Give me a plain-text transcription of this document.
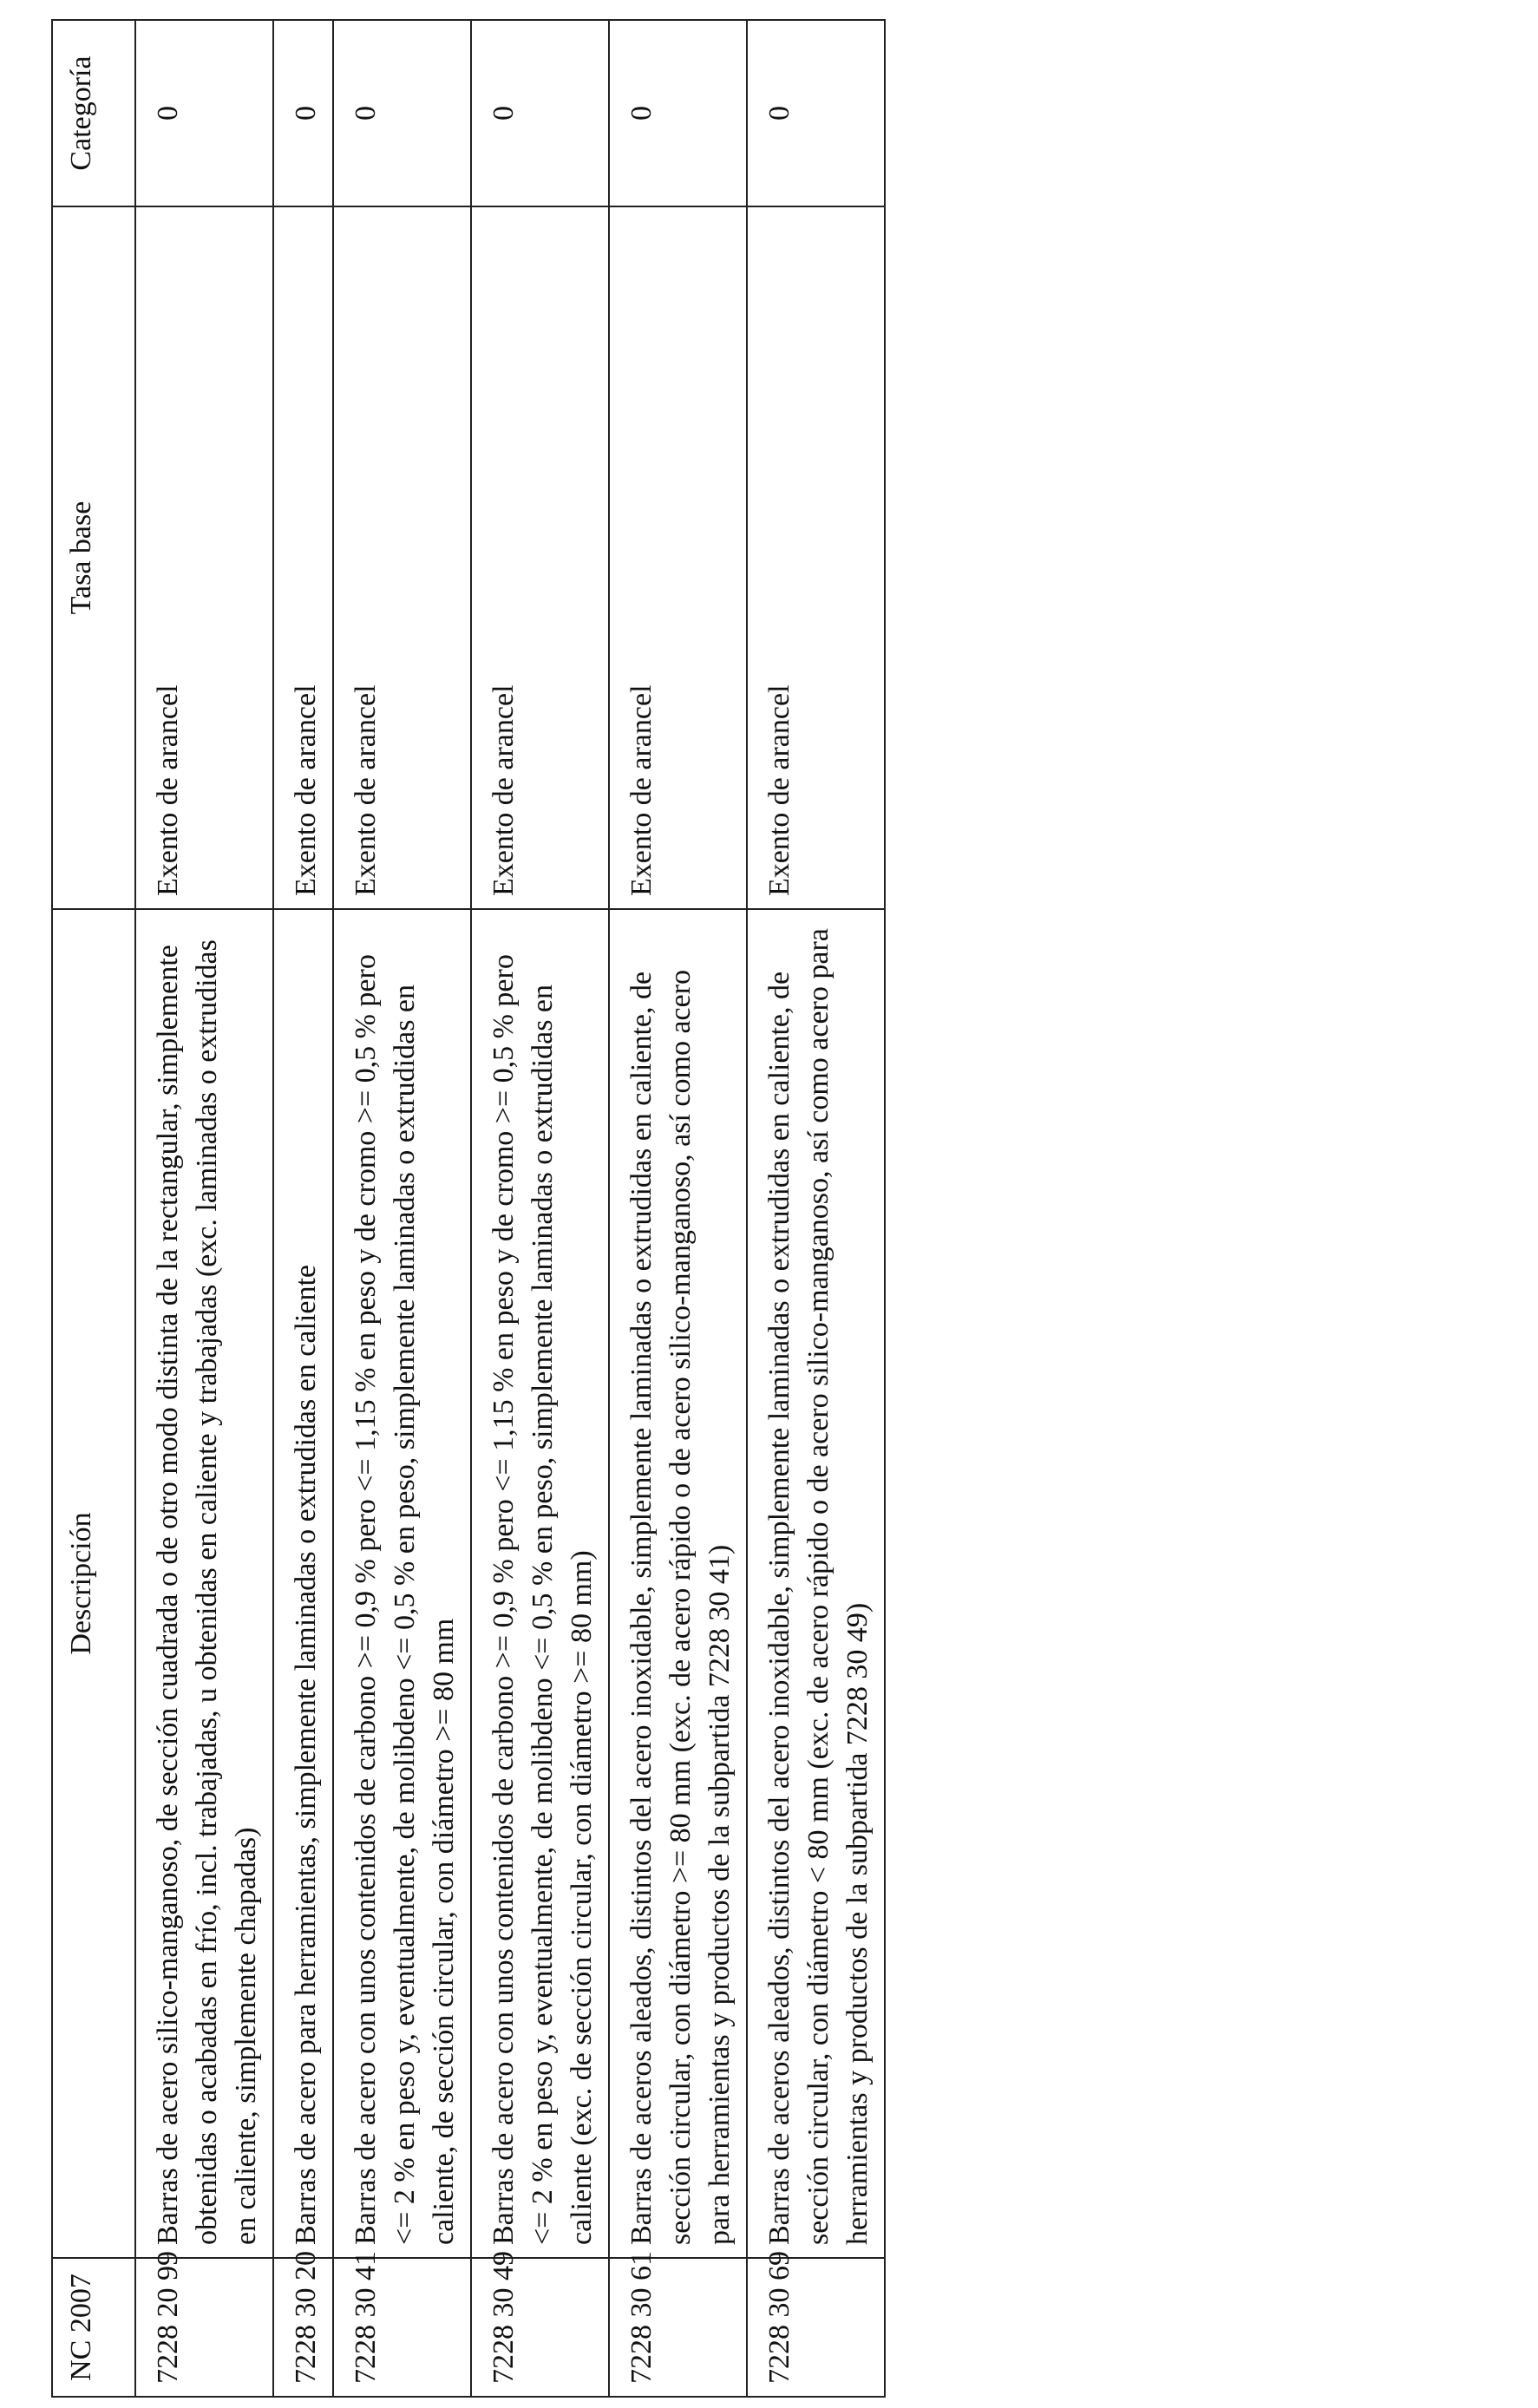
NC 2007	Descripción	Tasa base	Categoría
7228 20 99	Barras de acero silico-manganoso, de sección cuadrada o de otro modo distinta de la rectangular, simplemente obtenidas o acabadas en frío, incl. trabajadas, u obtenidas en caliente y trabajadas (exc. laminadas o extrudidas en caliente, simplemente chapadas)	Exento de arancel	0
7228 30 20	Barras de acero para herramientas, simplemente laminadas o extrudidas en caliente	Exento de arancel	0
7228 30 41	Barras de acero con unos contenidos de carbono >= 0,9 % pero <= 1,15 % en peso y de cromo >= 0,5 % pero <= 2 % en peso y, eventualmente, de molibdeno <= 0,5 % en peso, simplemente laminadas o extrudidas en caliente, de sección circular, con diámetro >= 80 mm	Exento de arancel	0
7228 30 49	Barras de acero con unos contenidos de carbono >= 0,9 % pero <= 1,15 % en peso y de cromo >= 0,5 % pero <= 2 % en peso y, eventualmente, de molibdeno <= 0,5 % en peso, simplemente laminadas o extrudidas en caliente (exc. de sección circular, con diámetro >= 80 mm)	Exento de arancel	0
7228 30 61	Barras de aceros aleados, distintos del acero inoxidable, simplemente laminadas o extrudidas en caliente, de sección circular, con diámetro >= 80 mm (exc. de acero rápido o de acero silico-manganoso, así como acero para herramientas y productos de la subpartida 7228 30 41)	Exento de arancel	0
7228 30 69	Barras de aceros aleados, distintos del acero inoxidable, simplemente laminadas o extrudidas en caliente, de sección circular, con diámetro < 80 mm (exc. de acero rápido o de acero silico-manganoso, así como acero para herramientas y productos de la subpartida 7228 30 49)	Exento de arancel	0
